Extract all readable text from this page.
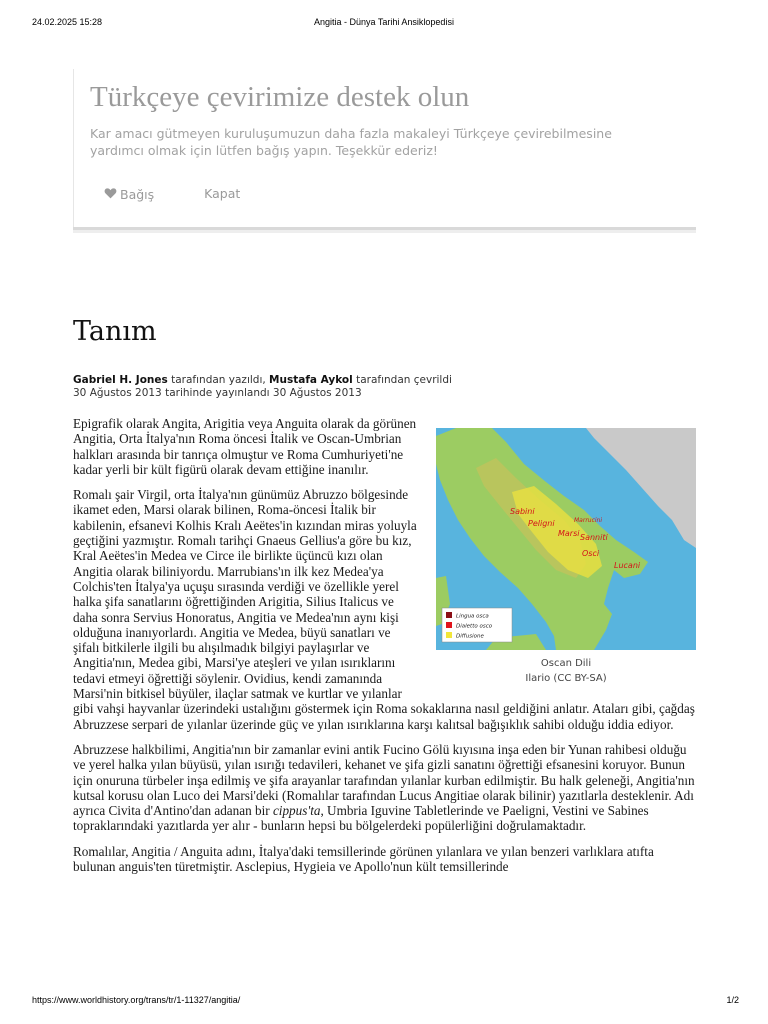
24.02.2025 15:28	Angitia - Dünya Tarihi Ansiklopedisi
Türkçeye çevirimize destek olun
Kar amacı gütmeyen kuruluşumuzun daha fazla makaleyi Türkçeye çevirebilmesine yardımcı olmak için lütfen bağış yapın. Teşekkür ederiz!
Bağış	Kapat
Tanım
Gabriel H. Jones tarafından yazıldı, Mustafa Aykol tarafından çevrildi
30 Ağustos 2013 tarihinde yayınlandı 30 Ağustos 2013
Sabini
Peligni	Marrucini
Marsi Sanniti
Osci
Lucani
Lingua osca
Dialetto osco
Diffusione
Oscan Dili
Ilario (CC BY-SA)

Epigrafik olarak Angita, Arigitia veya Anguita olarak da görünen Angitia, Orta İtalya'nın Roma öncesi İtalik ve Oscan-Umbrian halkları arasında bir tanrıça olmuştur ve Roma Cumhuriyeti'ne kadar yerli bir kült figürü olarak devam ettiğine inanılır.

Romalı şair Virgil, orta İtalya'nın günümüz Abruzzo bölgesinde ikamet eden, Marsi olarak bilinen, Roma-öncesi İtalik bir kabilenin, efsanevi Kolhis Kralı Aeëtes'in kızından miras yoluyla geçtiğini yazmıştır. Romalı tarihçi Gnaeus Gellius'a göre bu kız, Kral Aeëtes'in Medea ve Circe ile birlikte üçüncü kızı olan Angitia olarak biliniyordu. Marrubians'ın ilk kez Medea'ya Colchis'ten İtalya'ya uçuşu sırasında verdiği ve özellikle yerel halka şifa sanatlarını öğrettiğinden Arigitia, Silius Italicus ve daha sonra Servius Honoratus, Angitia ve Medea'nın aynı kişi olduğuna inanıyorlardı. Angitia ve Medea, büyü sanatları ve şifalı bitkilerle ilgili bu alışılmadık bilgiyi paylaşırlar ve Angitia'nın, Medea gibi, Marsi'ye ateşleri ve yılan ısırıklarını tedavi etmeyi öğrettiği söylenir. Ovidius, kendi zamanında Marsi'nin bitkisel büyüler, ilaçlar satmak ve kurtlar ve yılanlar gibi vahşi hayvanlar üzerindeki ustalığını göstermek için Roma sokaklarına nasıl geldiğini anlatır. Ataları gibi, çağdaş Abruzzese serpari de yılanlar üzerinde güç ve yılan ısırıklarına karşı kalıtsal bağışıklık sahibi olduğu iddia ediyor.

Abruzzese halkbilimi, Angitia'nın bir zamanlar evini antik Fucino Gölü kıyısına inşa eden bir Yunan rahibesi olduğu ve yerel halka yılan büyüsü, yılan ısırığı tedavileri, kehanet ve şifa gizli sanatını öğrettiği efsanesini koruyor. Bunun için onuruna türbeler inşa edilmiş ve şifa arayanlar tarafından yılanlar kurban edilmiştir. Bu halk geleneği, Angitia'nın kutsal korusu olan Luco dei Marsi'deki (Romalılar tarafından Lucus Angitiae olarak bilinir) yazıtlarla desteklenir. Adı ayrıca Civita d'Antino'dan adanan bir cippus'ta, Umbria Iguvine Tabletlerinde ve Paeligni, Vestini ve Sabines topraklarındaki yazıtlarda yer alır - bunların hepsi bu bölgelerdeki popülerliğini doğrulamaktadır.

Romalılar, Angitia / Anguita adını, İtalya'daki temsillerinde görünen yılanlara ve yılan benzeri varlıklara atıfta bulunan anguis'ten türetmiştir. Asclepius, Hygieia ve Apollo'nun kült temsillerinde

https://www.worldhistory.org/trans/tr/1-11327/angitia/	1/2
